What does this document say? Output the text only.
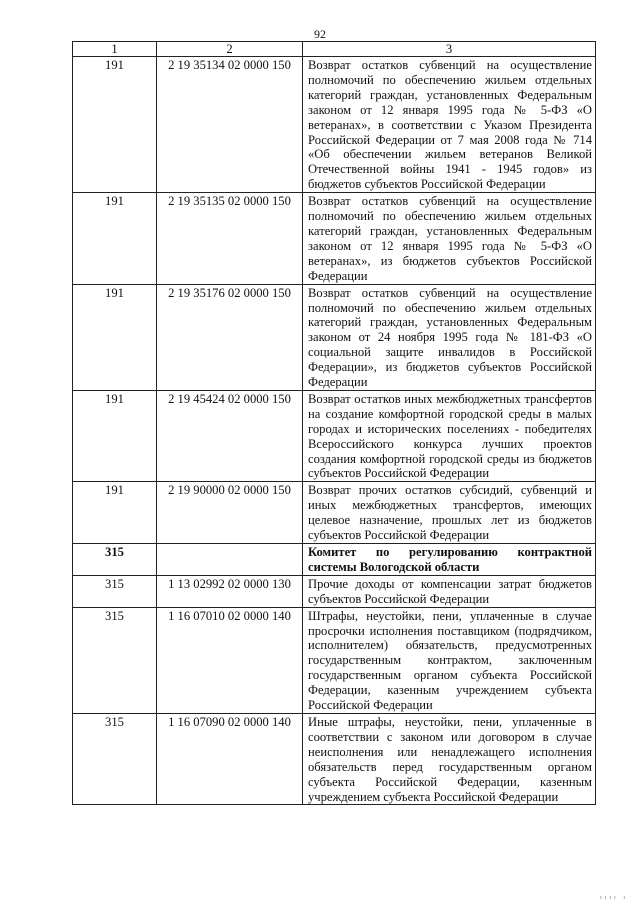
92
1	2	3
191	2 19 35134 02 0000 150	Возврат остатков субвенций на осуществление полномочий по обеспечению жильем отдельных категорий граждан, установленных Федеральным законом от 12 января 1995 года № 5-ФЗ «О ветеранах», в соответствии с Указом Президента Российской Федерации от 7 мая 2008 года № 714 «Об обеспечении жильем ветеранов Великой Отечественной войны 1941 - 1945 годов» из бюджетов субъектов Российской Федерации
191	2 19 35135 02 0000 150	Возврат остатков субвенций на осуществление полномочий по обеспечению жильем отдельных категорий граждан, установленных Федеральным законом от 12 января 1995 года № 5-ФЗ «О ветеранах», из бюджетов субъектов Российской Федерации
191	2 19 35176 02 0000 150	Возврат остатков субвенций на осуществление полномочий по обеспечению жильем отдельных категорий граждан, установленных Федеральным законом от 24 ноября 1995 года № 181-ФЗ «О социальной защите инвалидов в Российской Федерации», из бюджетов субъектов Российской Федерации
191	2 19 45424 02 0000 150	Возврат остатков иных межбюджетных трансфертов на создание комфортной городской среды в малых городах и исторических поселениях - победителях Всероссийского конкурса лучших проектов создания комфортной городской среды из бюджетов субъектов Российской Федерации
191	2 19 90000 02 0000 150	Возврат прочих остатков субсидий, субвенций и иных межбюджетных трансфертов, имеющих целевое назначение, прошлых лет из бюджетов субъектов Российской Федерации
315		Комитет по регулированию контрактной системы Вологодской области
315	1 13 02992 02 0000 130	Прочие доходы от компенсации затрат бюджетов субъектов Российской Федерации
315	1 16 07010 02 0000 140	Штрафы, неустойки, пени, уплаченные в случае просрочки исполнения поставщиком (подрядчиком, исполнителем) обязательств, предусмотренных государственным контрактом, заключенным государственным органом субъекта Российской Федерации, казенным учреждением субъекта Российской Федерации
315	1 16 07090 02 0000 140	Иные штрафы, неустойки, пени, уплаченные в соответствии с законом или договором в случае неисполнения или ненадлежащего исполнения обязательств перед государственным органом субъекта Российской Федерации, казенным учреждением субъекта Российской Федерации
ıııı ı
